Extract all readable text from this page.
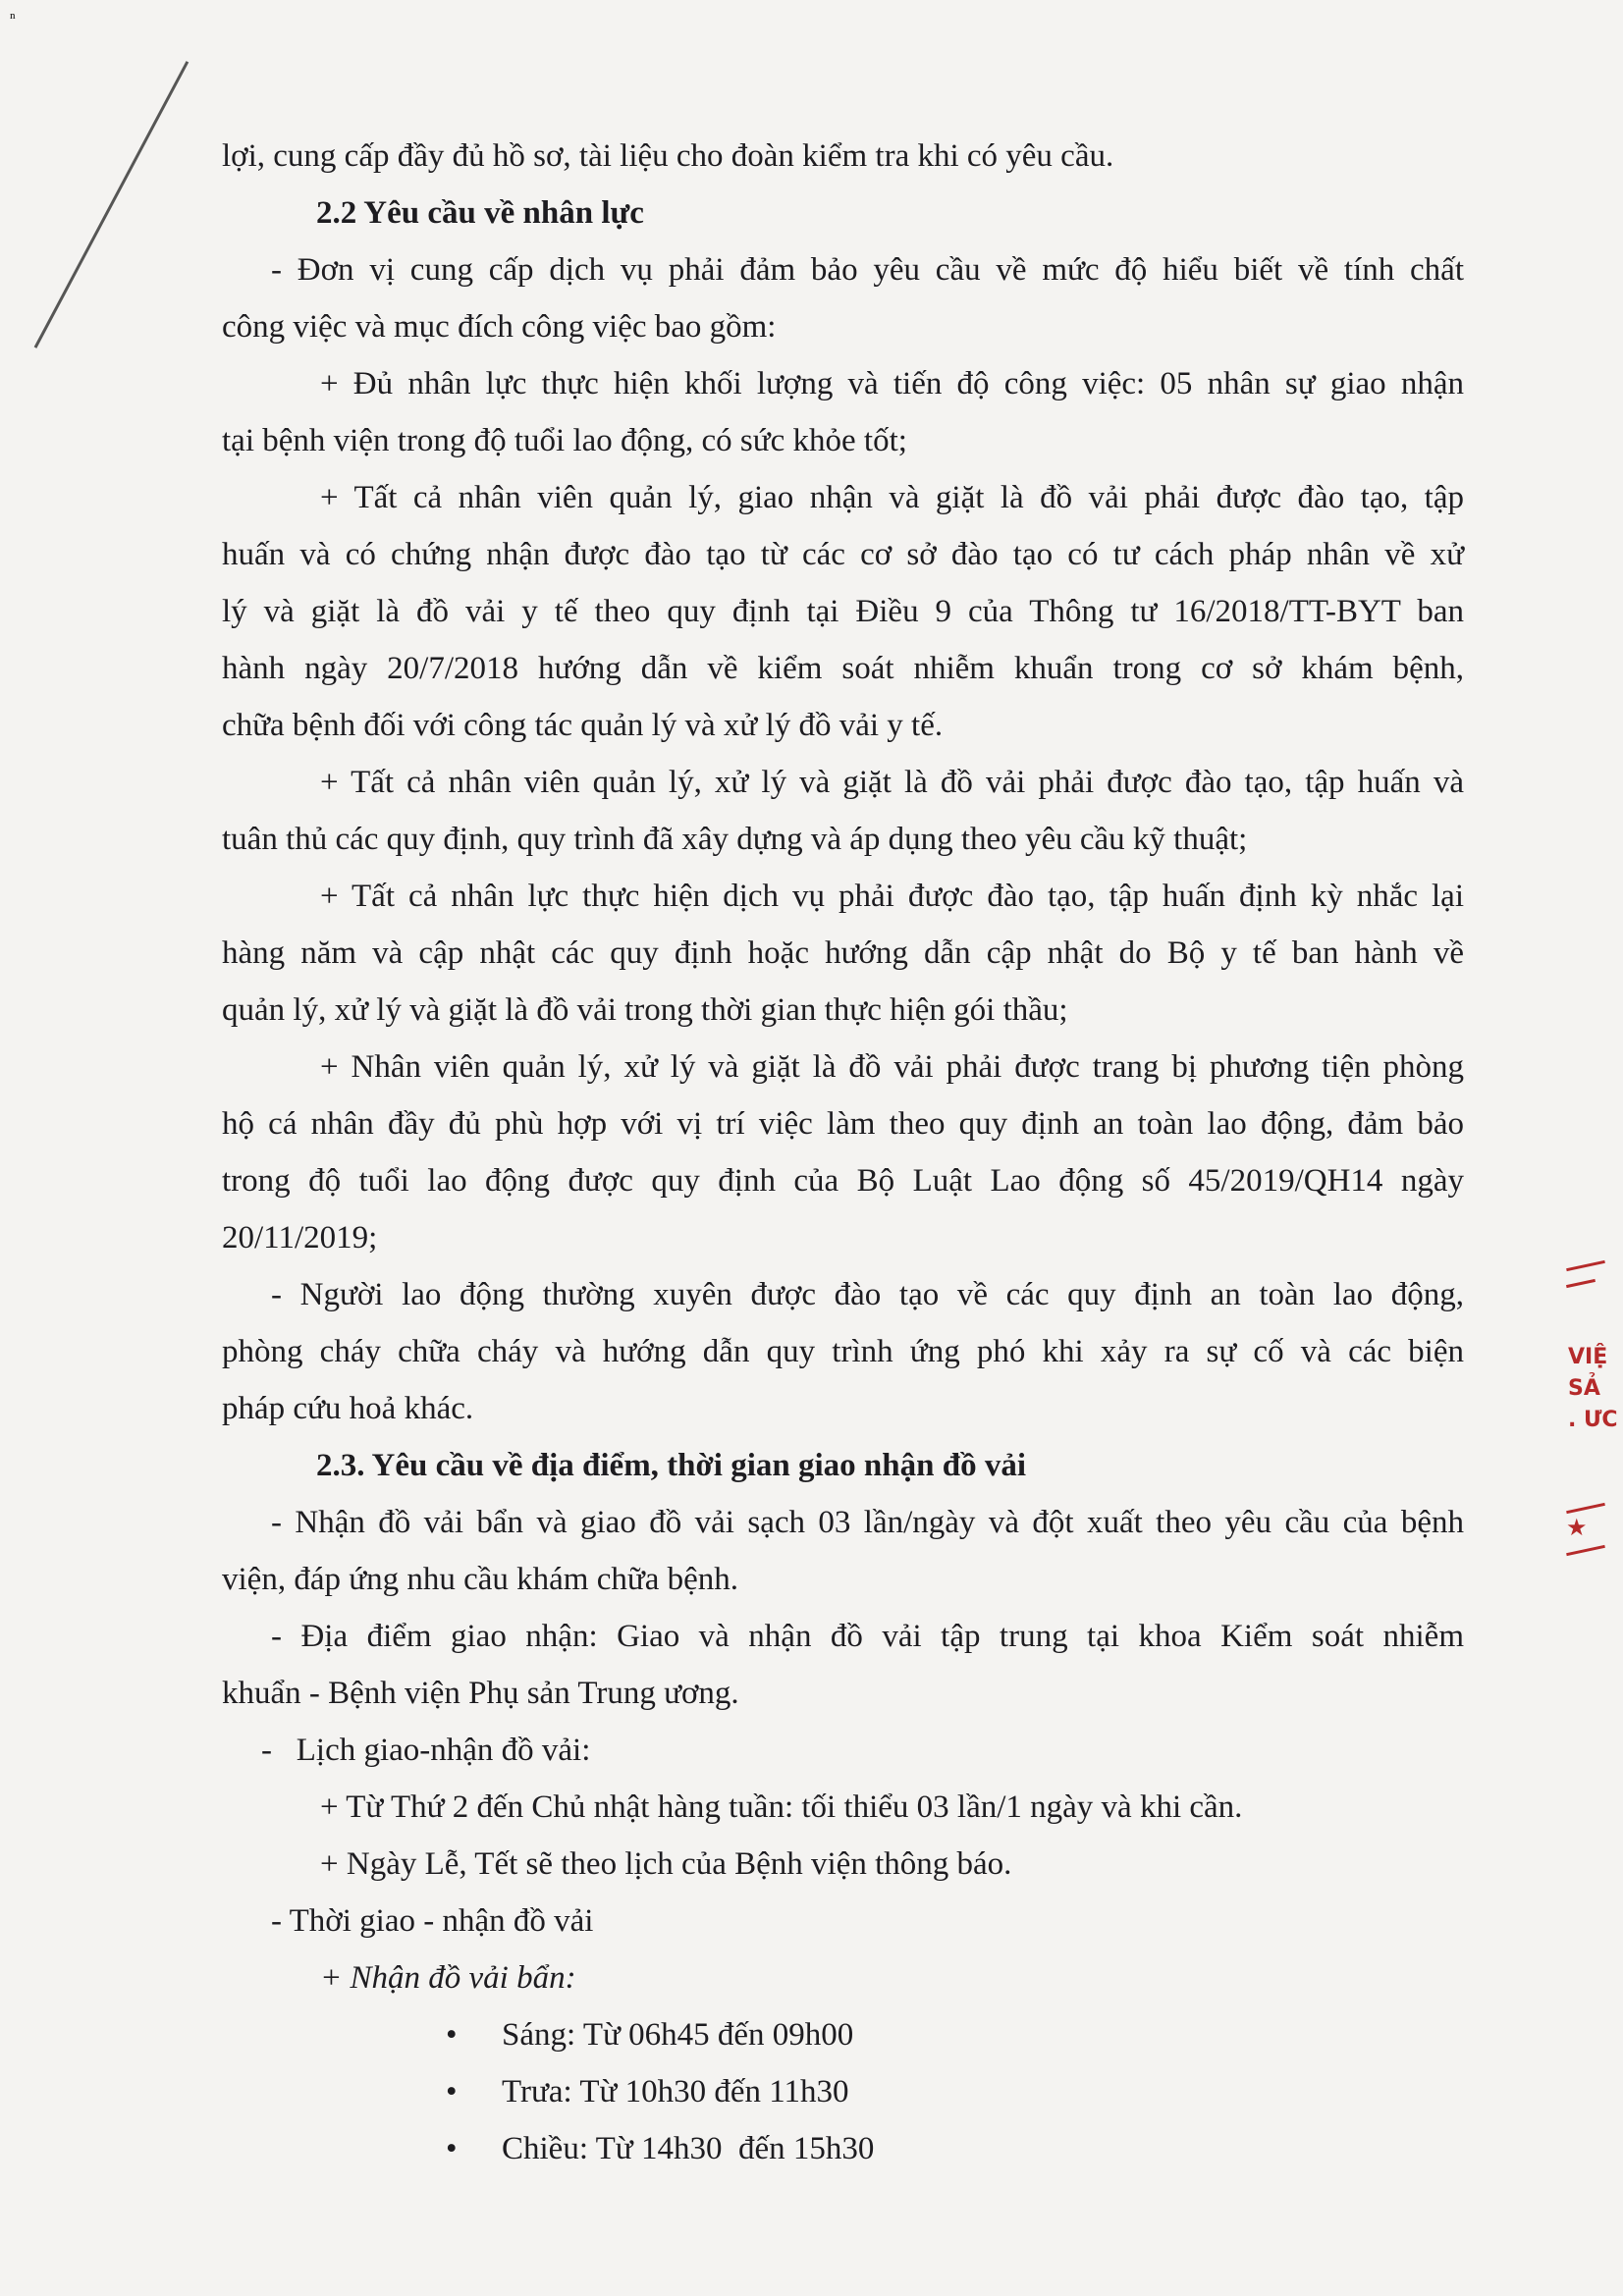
ⁿ
lợi, cung cấp đầy đủ hồ sơ, tài liệu cho đoàn kiểm tra khi có yêu cầu.
2.2 Yêu cầu về nhân lực
- Đơn vị cung cấp dịch vụ phải đảm bảo yêu cầu về mức độ hiểu biết về tính chất
công việc và mục đích công việc bao gồm:
+ Đủ nhân lực thực hiện khối lượng và tiến độ công việc: 05 nhân sự giao nhận
tại bệnh viện trong độ tuổi lao động, có sức khỏe tốt;
+ Tất cả nhân viên quản lý, giao nhận và giặt là đồ vải phải được đào tạo, tập
huấn và có chứng nhận được đào tạo từ các cơ sở đào tạo có tư cách pháp nhân về xử
lý và giặt là đồ vải y tế theo quy định tại Điều 9 của Thông tư 16/2018/TT-BYT ban
hành ngày 20/7/2018 hướng dẫn về kiểm soát nhiễm khuẩn trong cơ sở khám bệnh,
chữa bệnh đối với công tác quản lý và xử lý đồ vải y tế.
+ Tất cả nhân viên quản lý, xử lý và giặt là đồ vải phải được đào tạo, tập huấn và
tuân thủ các quy định, quy trình đã xây dựng và áp dụng theo yêu cầu kỹ thuật;
+ Tất cả nhân lực thực hiện dịch vụ phải được đào tạo, tập huấn định kỳ nhắc lại
hàng năm và cập nhật các quy định hoặc hướng dẫn cập nhật do Bộ y tế ban hành về
quản lý, xử lý và giặt là đồ vải trong thời gian thực hiện gói thầu;
+ Nhân viên quản lý, xử lý và giặt là đồ vải phải được trang bị phương tiện phòng
hộ cá nhân đầy đủ phù hợp với vị trí việc làm theo quy định an toàn lao động, đảm bảo
trong độ tuổi lao động được quy định của Bộ Luật Lao động số 45/2019/QH14 ngày
20/11/2019;
- Người lao động thường xuyên được đào tạo về các quy định an toàn lao động,
phòng cháy chữa cháy và hướng dẫn quy trình ứng phó khi xảy ra sự cố và các biện
pháp cứu hoả khác.
2.3. Yêu cầu về địa điểm, thời gian giao nhận đồ vải
- Nhận đồ vải bẩn và giao đồ vải sạch 03 lần/ngày và đột xuất theo yêu cầu của bệnh
viện, đáp ứng nhu cầu khám chữa bệnh.
- Địa điểm giao nhận: Giao và nhận đồ vải tập trung tại khoa Kiểm soát nhiễm
khuẩn - Bệnh viện Phụ sản Trung ương.
-   Lịch giao-nhận đồ vải:
+ Từ Thứ 2 đến Chủ nhật hàng tuần: tối thiểu 03 lần/1 ngày và khi cần.
+ Ngày Lễ, Tết sẽ theo lịch của Bệnh viện thông báo.
- Thời giao - nhận đồ vải
+ Nhận đồ vải bẩn:
• Sáng: Từ 06h45 đến 09h00
• Trưa: Từ 10h30 đến 11h30
• Chiều: Từ 14h30  đến 15h30
VIỆ
SẢ
. ƯC
★
